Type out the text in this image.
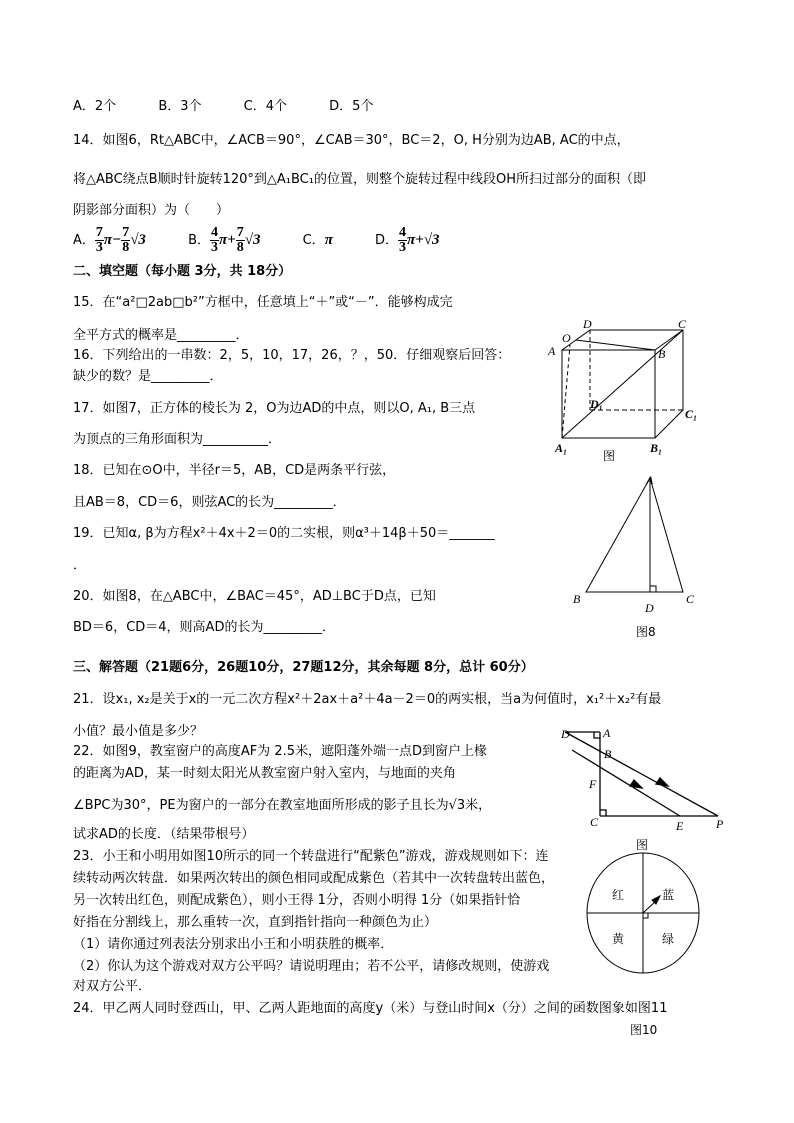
A．2个	B．3个	C．4个	D．5个
14．如图6，Rt△ABC中，∠ACB＝90°，∠CAB＝30°，BC＝2，O, H分别为边AB, AC的中点，
将△ABC绕点B顺时针旋转120°到△A₁BC₁的位置，则整个旋转过程中线段OH所扫过部分的面积（即
阴影部分面积）为（　　）
A． $\frac{7}{3} \pi- \frac{7}{8} √3$	B． $\frac{4}{3} \pi+ \frac{7}{8} √3$	C．π	D． $\frac{4}{3} \pi+√3$
二、填空题（每小题 3分，共 18分）
15．在“a²□2ab□b²”方框中，任意填上“＋”或“－”．能够构成完
全平方式的概率是_________．
16．下列给出的一串数：2，5，10，17，26，？，50．仔细观察后回答：
缺少的数？是_________．
17．如图7，正方体的棱长为 2，O为边AD的中点，则以O, A₁, B三点
为顶点的三角形面积为__________．
18．已知在⊙O中，半径r＝5，AB，CD是两条平行弦，
且AB＝8，CD＝6，则弦AC的长为_________．
19．已知α, β为方程x²＋4x＋2＝0的二实根，则α³＋14β＋50＝_______
．
20．如图8，在△ABC中，∠BAC＝45°，AD⊥BC于D点，已知
BD＝6，CD＝4，则高AD的长为_________．
三、解答题（21题6分，26题10分，27题12分，其余每题 8分，总计 60分）
21．设x₁, x₂是关于x的一元二次方程x²＋2ax＋a²＋4a－2＝0的两实根，当a为何值时，x₁²＋x₂²有最
小值？最小值是多少？
22．如图9，教室窗户的高度AF为 2.5米，遮阳蓬外端一点D到窗户上椽
的距离为AD，某一时刻太阳光从教室窗户射入室内，与地面的夹角
∠BPC为30°，PE为窗户的一部分在教室地面所形成的影子且长为√3米，
试求AD的长度．（结果带根号）
23．小王和小明用如图10所示的同一个转盘进行“配紫色”游戏，游戏规则如下：连
续转动两次转盘．如果两次转出的颜色相同或配成紫色（若其中一次转盘转出蓝色，
另一次转出红色，则配成紫色），则小王得 1分，否则小明得 1分（如果指针恰
好指在分割线上，那么重转一次，直到指针指向一种颜色为止）
（1）请你通过列表法分别求出小王和小明获胜的概率．
（2）你认为这个游戏对双方公平吗？请说明理由；若不公平，请修改规则，使游戏
对双方公平．
24．甲乙两人同时登西山，甲、乙两人距地面的高度y（米）与登山时间x（分）之间的函数图象如图11
D	C
O
A	B
D₁
C₁
A₁	B₁
图
A
B	C
D
图8
D	A
B
F
C	E	P
图
红	蓝
黄	绿
图10
